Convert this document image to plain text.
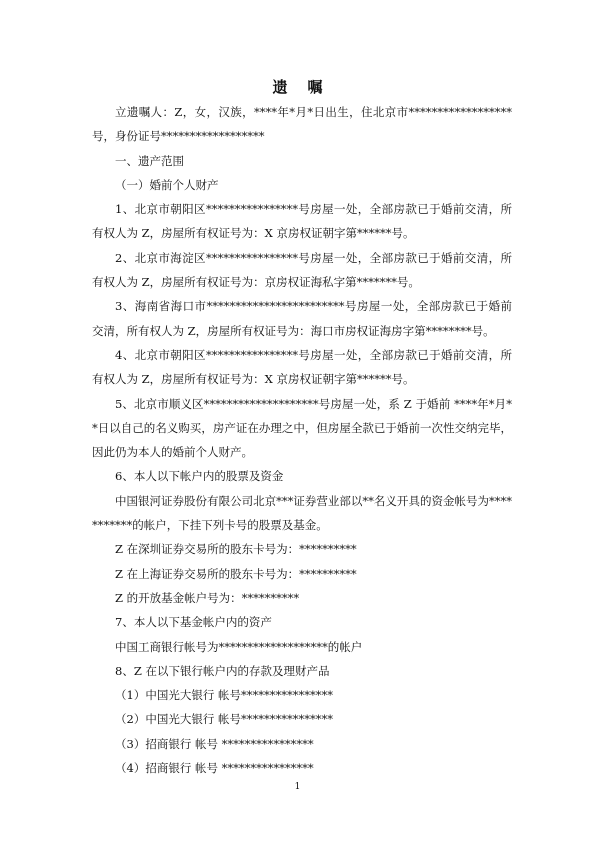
遗 嘱

立遗嘱人：Z，女，汉族，****年*月*日出生，住北京市******************号，身份证号******************

一、遗产范围

（一）婚前个人财产

1、北京市朝阳区****************号房屋一处，全部房款已于婚前交清，所有权人为 Z，房屋所有权证号为：X 京房权证朝字第******号。

2、北京市海淀区****************号房屋一处，全部房款已于婚前交清，所有权人为 Z，房屋所有权证号为：京房权证海私字第*******号。

3、海南省海口市************************号房屋一处，全部房款已于婚前交清，所有权人为 Z，房屋所有权证号为：海口市房权证海房字第********号。

4、北京市朝阳区****************号房屋一处，全部房款已于婚前交清，所有权人为 Z，房屋所有权证号为：X 京房权证朝字第******号。

5、北京市顺义区********************号房屋一处，系 Z 于婚前 ****年*月**日以自己的名义购买，房产证在办理之中，但房屋全款已于婚前一次性交纳完毕，因此仍为本人的婚前个人财产。

6、本人以下帐户内的股票及资金

中国银河证券股份有限公司北京***证券营业部以**名义开具的资金帐号为***********的帐户，下挂下列卡号的股票及基金。

Z 在深圳证券交易所的股东卡号为：**********

Z 在上海证券交易所的股东卡号为：**********

Z 的开放基金帐户号为：**********

7、本人以下基金帐户内的资产

中国工商银行帐号为*******************的帐户

8、Z 在以下银行帐户内的存款及理财产品

（1）中国光大银行 帐号****************

（2）中国光大银行 帐号****************

（3）招商银行 帐号 ****************

（4）招商银行 帐号 ****************

1
